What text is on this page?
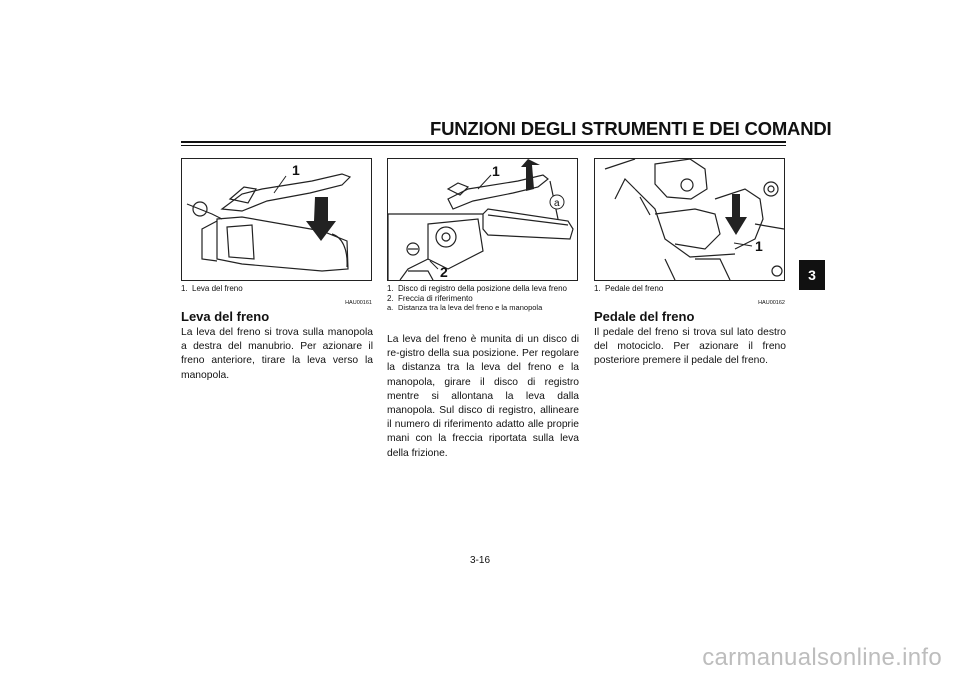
FUNZIONI DEGLI STRUMENTI E DEI COMANDI
3
1
a
1
2
1
1. Leva del freno
HAU00161
Leva del freno
La leva del freno si trova sulla manopola a destra del manubrio. Per azionare il freno anteriore, tirare la leva verso la manopola.
1. Disco di registro della posizione della leva freno
2. Freccia di riferimento
a. Distanza tra la leva del freno e la manopola
La leva del freno è munita di un disco di re-gistro della sua posizione. Per regolare la distanza tra la leva del freno e la manopola, girare il disco di registro mentre si allontana la leva dalla manopola. Sul disco di registro, allineare il numero di riferimento adatto alle proprie mani con la freccia riportata sulla leva della frizione.
1. Pedale del freno
HAU00162
Pedale del freno
Il pedale del freno si trova sul lato destro del motociclo. Per azionare il freno posteriore premere il pedale del freno.
3-16
carmanualsonline.info
